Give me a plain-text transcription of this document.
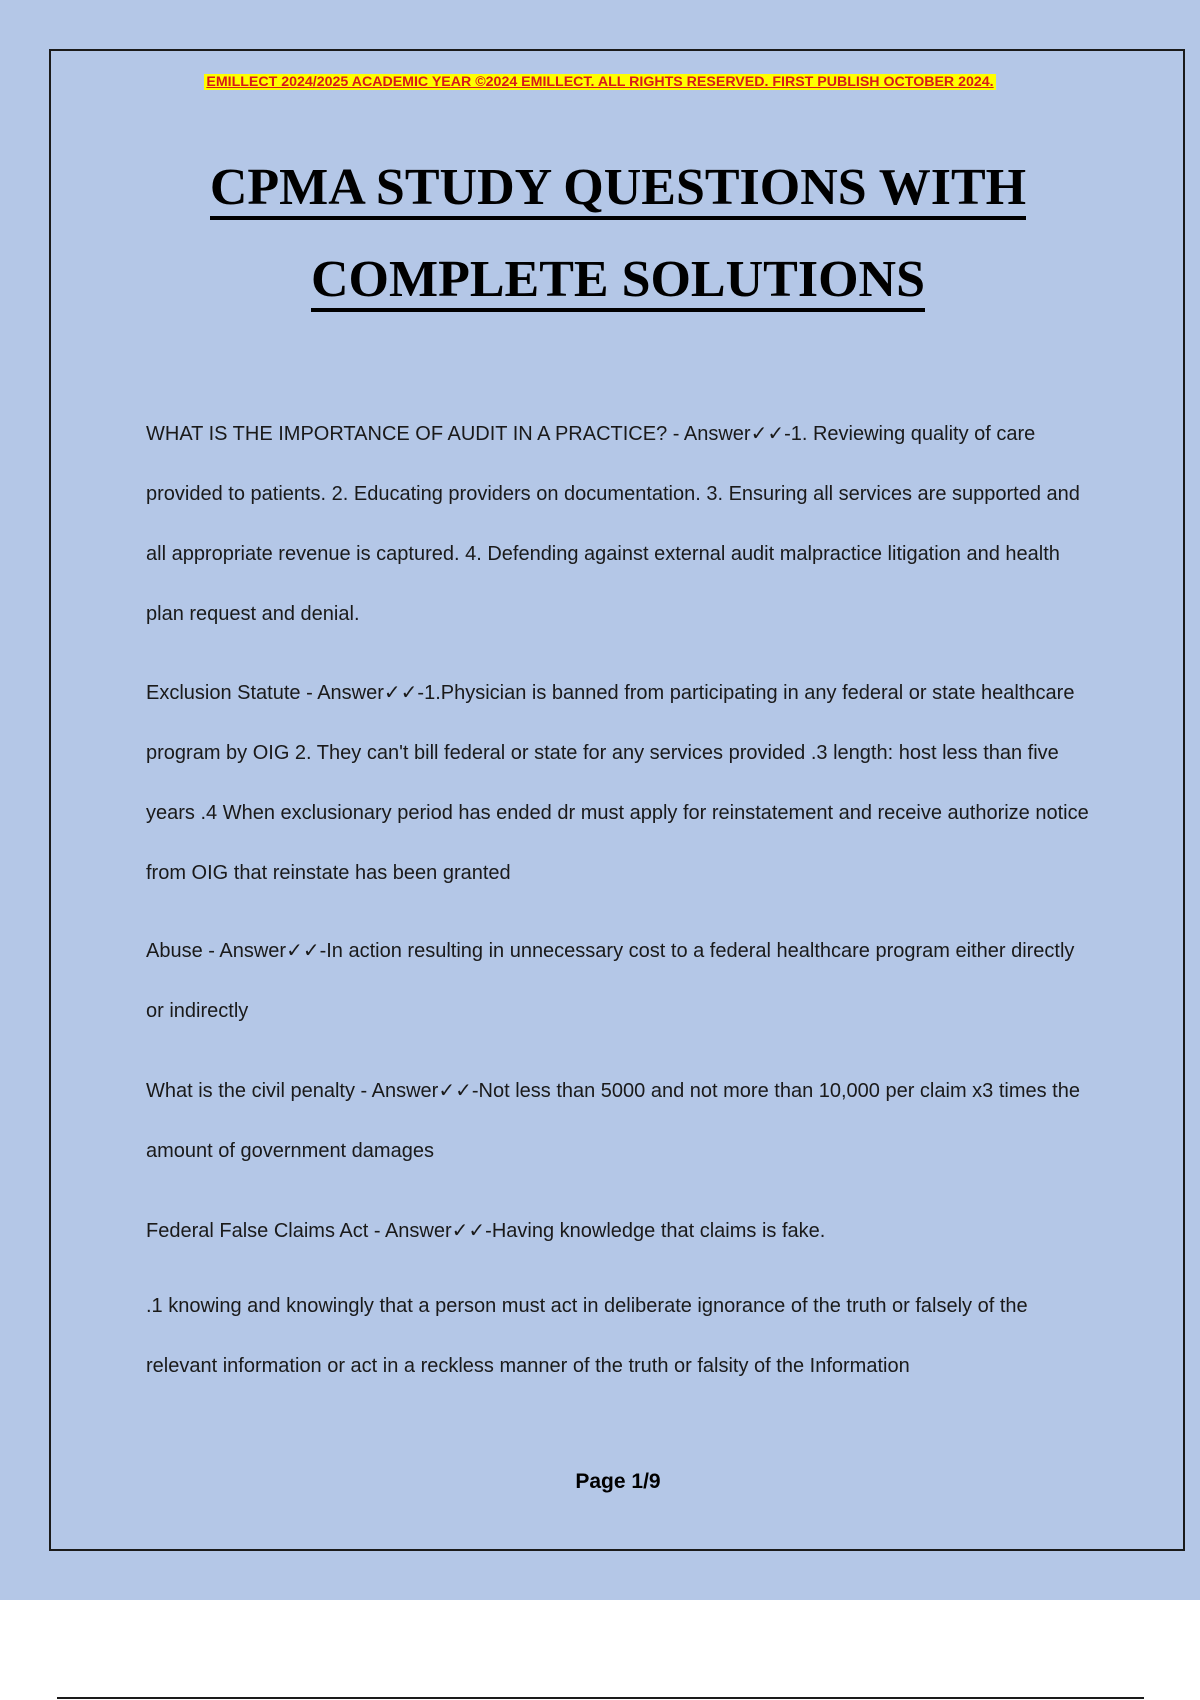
EMILLECT 2024/2025 ACADEMIC YEAR ©2024 EMILLECT. ALL RIGHTS RESERVED. FIRST PUBLISH OCTOBER 2024.
CPMA STUDY QUESTIONS WITH
COMPLETE SOLUTIONS

WHAT IS THE IMPORTANCE OF AUDIT IN A PRACTICE? - Answer✓✓-1. Reviewing quality of care provided to patients. 2. Educating providers on documentation. 3. Ensuring all services are supported and all appropriate revenue is captured. 4. Defending against external audit malpractice litigation and health plan request and denial.

Exclusion Statute - Answer✓✓-1.Physician is banned from participating in any federal or state healthcare program by OIG 2. They can't bill federal or state for any services provided .3 length: host less than five years .4 When exclusionary period has ended dr must apply for reinstatement and receive authorize notice from OIG that reinstate has been granted

Abuse - Answer✓✓-In action resulting in unnecessary cost to a federal healthcare program either directly or indirectly

What is the civil penalty - Answer✓✓-Not less than 5000 and not more than 10,000 per claim x3 times the amount of government damages

Federal False Claims Act - Answer✓✓-Having knowledge that claims is fake.

.1 knowing and knowingly that a person must act in deliberate ignorance of the truth or falsely of the relevant information or act in a reckless manner of the truth or falsity of the Information

Page 1/9
